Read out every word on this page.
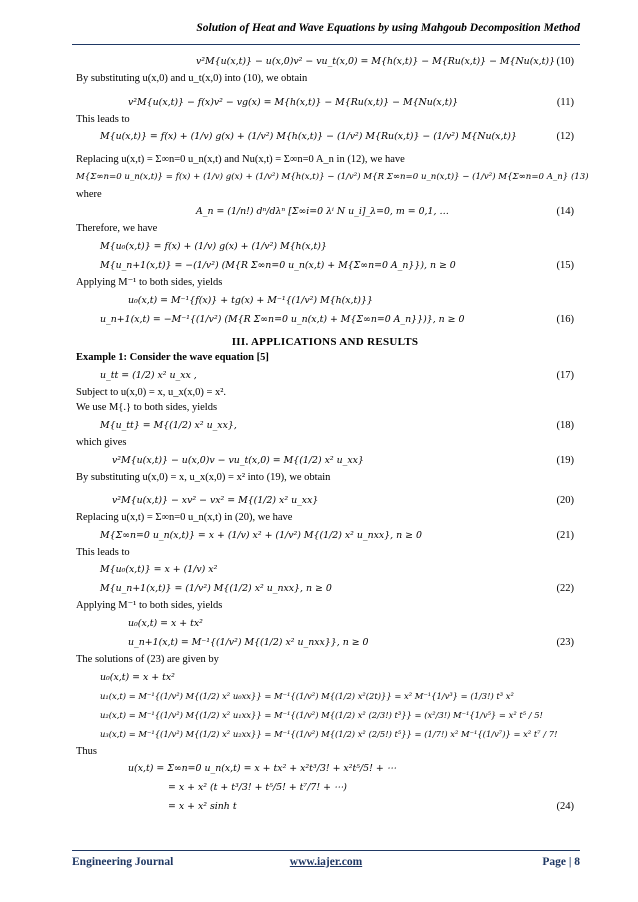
Solution of Heat and Wave Equations by using Mahgoub Decomposition Method
v²M{u(x,t)} − u(x,0)v² − vu_t(x,0) = M{h(x,t)} − M{Ru(x,t)} − M{Nu(x,t)} (10)
By substituting u(x,0) and u_t(x,0) into (10), we obtain
v²M{u(x,t)} − f(x)v² − vg(x) = M{h(x,t)} − M{Ru(x,t)} − M{Nu(x,t)}	(11)
This leads to
M{u(x,t)} = f(x) + (1/v) g(x) + (1/v²) M{h(x,t)} − (1/v²) M{Ru(x,t)} − (1/v²) M{Nu(x,t)}	(12)
Replacing u(x,t) = Σ∞n=0 u_n(x,t) and Nu(x,t) = Σ∞n=0 A_n in (12), we have
M{Σ∞n=0 u_n(x,t)} = f(x) + (1/v) g(x) + (1/v²) M{h(x,t)} − (1/v²) M{R Σ∞n=0 u_n(x,t)} − (1/v²) M{Σ∞n=0 A_n} (13)
where
A_n = (1/n!) dⁿ/dλⁿ [Σ∞i=0 λⁱ N u_i]_λ=0, m = 0,1, …	(14)
Therefore, we have
M{u₀(x,t)} = f(x) + (1/v) g(x) + (1/v²) M{h(x,t)}
M{u_n+1(x,t)} = −(1/v²) (M{R Σ∞n=0 u_n(x,t) + M{Σ∞n=0 A_n}}), n ≥ 0	(15)
Applying M⁻¹ to both sides, yields
u₀(x,t) = M⁻¹{f(x)} + tg(x) + M⁻¹{(1/v²) M{h(x,t)}}
u_n+1(x,t) = −M⁻¹{(1/v²) (M{R Σ∞n=0 u_n(x,t) + M{Σ∞n=0 A_n}})}, n ≥ 0	(16)
III. APPLICATIONS AND RESULTS
Example 1: Consider the wave equation [5]
u_tt = (1/2) x² u_xx ,	(17)
Subject to u(x,0) = x, u_x(x,0) = x².
We use M{.} to both sides, yields
M{u_tt} = M{(1/2) x² u_xx},	(18)
which gives
v²M{u(x,t)} − u(x,0)v − vu_t(x,0) = M{(1/2) x² u_xx}	(19)
By substituting u(x,0) = x, u_x(x,0) = x² into (19), we obtain
v²M{u(x,t)} − xv² − vx² = M{(1/2) x² u_xx}	(20)
Replacing u(x,t) = Σ∞n=0 u_n(x,t) in (20), we have
M{Σ∞n=0 u_n(x,t)} = x + (1/v) x² + (1/v²) M{(1/2) x² u_nxx}, n ≥ 0	(21)
This leads to
M{u₀(x,t)} = x + (1/v) x²
M{u_n+1(x,t)} = (1/v²) M{(1/2) x² u_nxx}, n ≥ 0	(22)
Applying M⁻¹ to both sides, yields
u₀(x,t) = x + tx²
u_n+1(x,t) = M⁻¹{(1/v²) M{(1/2) x² u_nxx}}, n ≥ 0	(23)
The solutions of (23) are given by
u₀(x,t) = x + tx²
u₁(x,t) = M⁻¹{(1/v²) M{(1/2) x² u₀xx}} = M⁻¹{(1/v²) M{(1/2) x²(2t)}} = x² M⁻¹{1/v³} = (1/3!) t³ x²
u₂(x,t) = M⁻¹{(1/v²) M{(1/2) x² u₁xx}} = M⁻¹{(1/v²) M{(1/2) x² (2/3!) t³}} = (x²/3!) M⁻¹{1/v⁵} = x² t⁵ / 5!
u₃(x,t) = M⁻¹{(1/v²) M{(1/2) x² u₂xx}} = M⁻¹{(1/v²) M{(1/2) x² (2/5!) t⁵}} = (1/7!) x² M⁻¹{(1/v⁷)} = x² t⁷ / 7!
Thus
u(x,t) = Σ∞n=0 u_n(x,t) = x + tx² + x²t³/3! + x²t⁵/5! + ⋯
= x + x² (t + t³/3! + t⁵/5! + t⁷/7! + ⋯)
= x + x² sinh t	(24)
Engineering Journal	www.iajer.com	Page | 8
